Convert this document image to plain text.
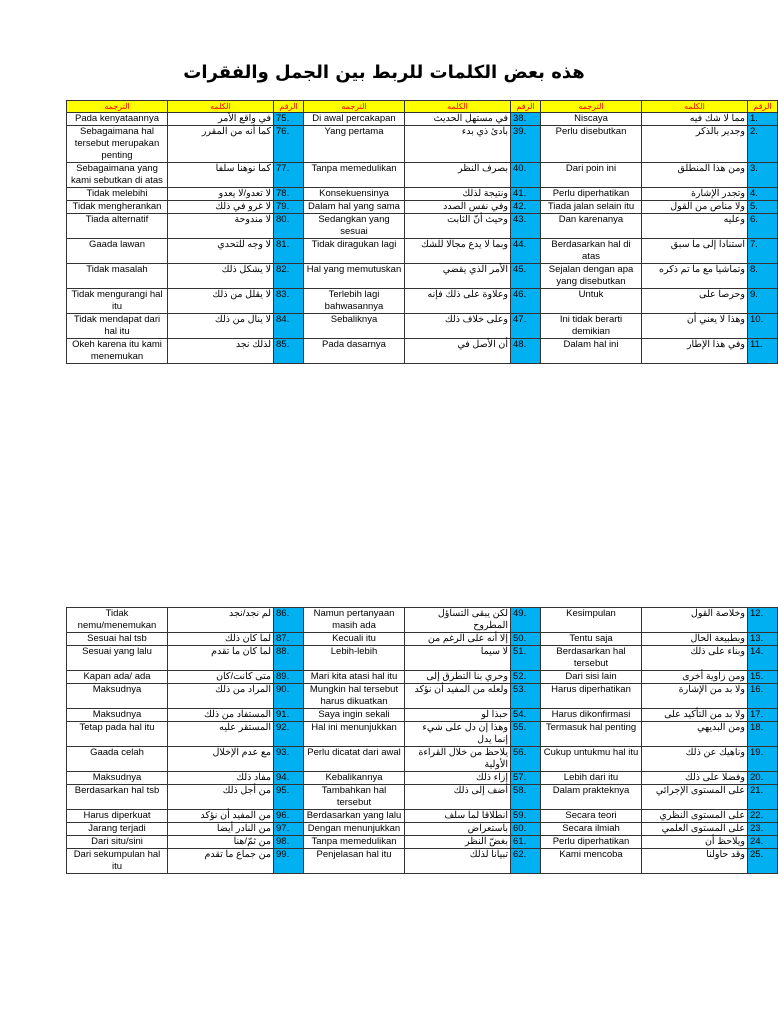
هذه بعض الكلمات للربط بين الجمل والفقرات
الترجمه	الكلمه	الرقم	الترجمه	الكلمه	الرقم	الترجمه	الكلمه	الرقم
Pada kenyataannya	في واقع الأمر	75.	Di awal percakapan	في مستهل الحديث	38.	Niscaya	مما لا شك فيه	1.
Sebagaimana hal tersebut merupakan penting	كما أنه من المقرر	76.	Yang pertama	بادئ ذي بدء	39.	Perlu disebutkan	وجدير بالذكر	2.
Sebagaimana yang kami sebutkan di atas	كما نوهنا سلفا	77.	Tanpa memedulikan	بصرف النظر	40.	Dari poin ini	ومن هذا المنطلق	3.
Tidak melebihi	لا تعدو/لا يعدو	78.	Konsekuensinya	ونتيجة لذلك	41.	Perlu diperhatikan	وتجدر الإشارة	4.
Tidak mengherankan	لا غرو في ذلك	79.	Dalam hal yang sama	وفي نفس الصدد	42.	Tiada jalan selain itu	ولا مناص من القول	5.
Tiada alternatif	لا مندوحة	80.	Sedangkan yang sesuai	وحيث أنّ الثابت	43.	Dan karenanya	وعليه	6.
Gaada lawan	لا وجه للتحدي	81.	Tidak diragukan lagi	وبما لا يدع مجالا للشك	44.	Berdasarkan hal di atas	استنادا إلى ما سبق	7.
Tidak masalah	لا يشكل ذلك	82.	Hal yang memutuskan	الأمر الذي يقضي	45.	Sejalan dengan apa yang disebutkan	وتماشيا مع ما تم ذكره	8.
Tidak mengurangi hal itu	لا يقلل من ذلك	83.	Terlebih lagi bahwasannya	وعلاوة على ذلك فإنه	46.	Untuk	وحرصا على	9.
Tidak mendapat dari hal itu	لا ينال من ذلك	84.	Sebaliknya	وعلى خلاف ذلك	47.	Ini tidak berarti demikian	وهذا لا يعني أن	10.
Okeh karena itu kami menemukan	لذلك نجد	85.	Pada dasarnya	أن الأصل في	48.	Dalam hal ini	وفي هذا الإطار	11.
Tidak nemu/menemukan	لم نجد/نجد	86.	Namun pertanyaan masih ada	لكن يبقى التساؤل المطروح	49.	Kesimpulan	وخلاصة القول	12.
Sesuai hal tsb	لما كان ذلك	87.	Kecuali itu	إلا أنه على الرغم من	50.	Tentu saja	وبطبيعة الحال	13.
Sesuai yang lalu	لما كان ما تقدم	88.	Lebih-lebih	لا سيما	51.	Berdasarkan hal tersebut	وبناء على ذلك	14.
Kapan ada/ ada	متى كانت/كان	89.	Mari kita atasi hal itu	وحري بنا التطرق إلى	52.	Dari sisi lain	ومن زاوية أخرى	15.
Maksudnya	المراد من ذلك	90.	Mungkin hal tersebut harus dikuatkan	ولعله من المفيد أن نؤكد	53.	Harus diperhatikan	ولا بد من الإشارة	16.
Maksudnya	المستفاد من ذلك	91.	Saya ingin sekali	حبذا لو	54.	Harus dikonfirmasi	ولا بد من التأكيد على	17.
Tetap pada hal itu	المستقر عليه	92.	Hal ini menunjukkan	وهذا إن دل على شيء إنما يدل	55.	Termasuk hal penting	ومن البديهي	18.
Gaada celah	مع عدم الإخلال	93.	Perlu dicatat dari awal	يلاحظ من خلال القراءة الأولية	56.	Cukup untukmu hal itu	وناهيك عن ذلك	19.
Maksudnya	مفاد ذلك	94.	Kebalikannya	إزاء ذلك	57.	Lebih dari itu	وفضلا على ذلك	20.
Berdasarkan hal tsb	من أجل ذلك	95.	Tambahkan hal tersebut	أضف إلى ذلك	58.	Dalam prakteknya	على المستوى الإجرائي	21.
Harus diperkuat	من المفيد أن نؤكد	96.	Berdasarkan yang lalu	انطلاقا لما سلف	59.	Secara teori	على المستوى النظري	22.
Jarang terjadi	من النادر أيضا	97.	Dengan menunjukkan	باستعراض	60.	Secara ilmiah	على المستوى العلمي	23.
Dari situ/sini	من ثمّ/هنا	98.	Tanpa memedulikan	بغضّ النظر	61.	Perlu diperhatikan	ويلاحظ أن	24.
Dari sekumpulan hal itu	من جماع ما تقدم	99.	Penjelasan hal itu	تبيانا لذلك	62.	Kami mencoba	وقد حاولنا	25.
